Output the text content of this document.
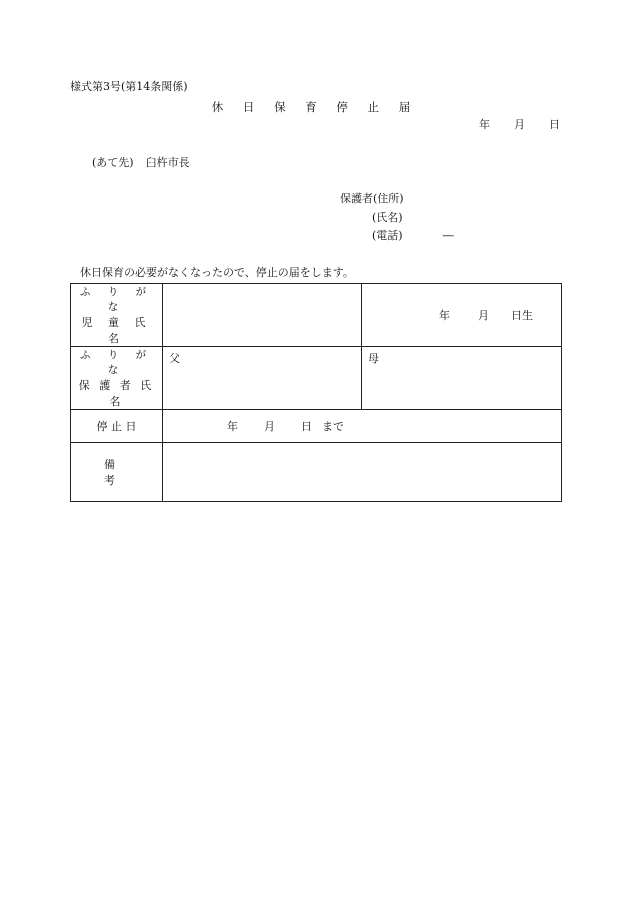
様式第3号(第14条関係)
休 日 保 育 停 止 届
年 月 日
(あて先) 臼杵市長
保護者(住所)
(氏名)
(電話)	―
休日保育の必要がなくなったので、停止の届をします。
ふ り が な
児 童 氏 名		年 月 日生

ふ り が な
保 護 者 氏 名	父	母
停 止 日	年 月 日 まで	
備 考		
